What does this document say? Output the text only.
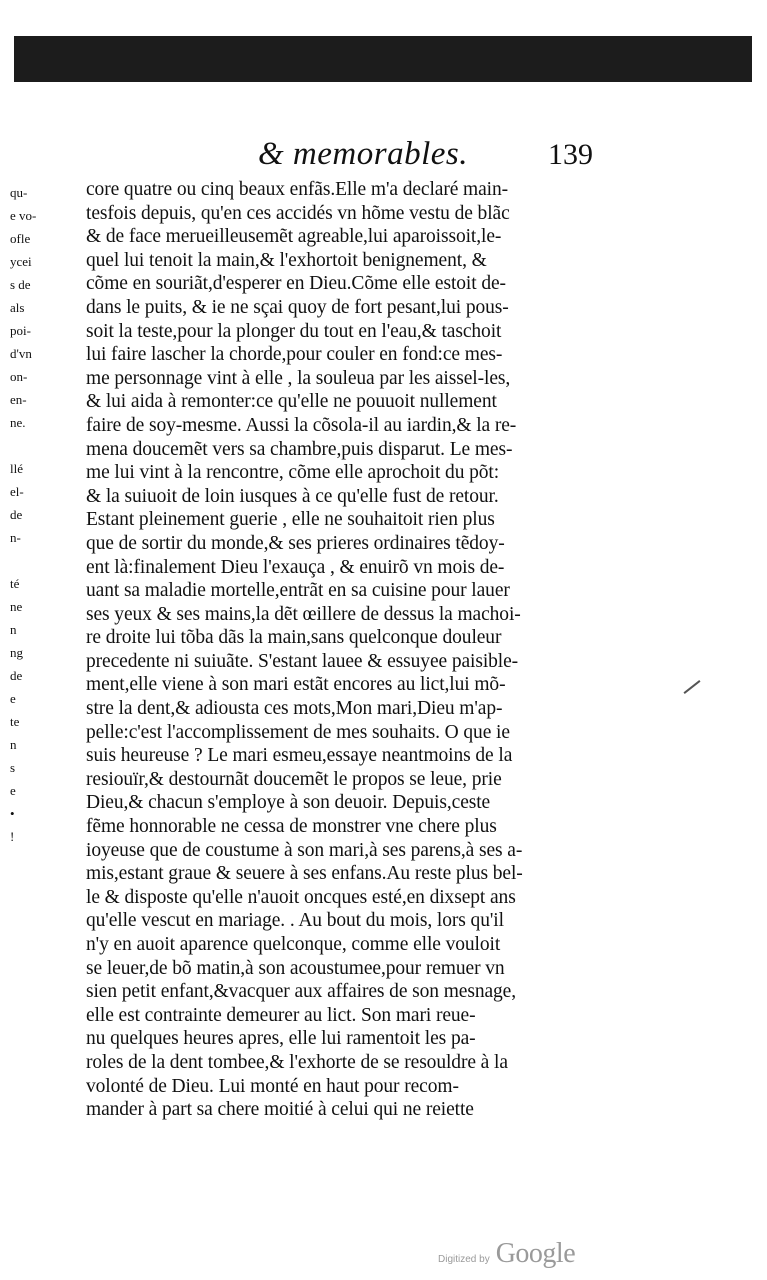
& memorables.	139
qu-
e vo-
ofle
ycei
s de
als
poi-
d'vn
on-
en-
ne.
llé
el-
de
n-
té
ne
n
ng
de
e
te
n
s
e
•
!
core quatre ou cinq beaux enfãs.Elle m'a declaré main-
tesfois depuis, qu'en ces accidés vn hõme vestu de blãc
& de face merueilleusemẽt agreable,lui aparoissoit,le-
quel lui tenoit la main,& l'exhortoit benignement, &
cõme en souriãt,d'esperer en Dieu.Cõme elle estoit de-
dans le puits, & ie ne sçai quoy de fort pesant,lui pous-
soit la teste,pour la plonger du tout en l'eau,& taschoit
lui faire lascher la chorde,pour couler en fond:ce mes-
me personnage vint à elle , la souleua par les aissel-les,
& lui aida à remonter:ce qu'elle ne pouuoit nullement
faire de soy-mesme. Aussi la cõsola-il au iardin,& la re-
mena doucemẽt vers sa chambre,puis disparut. Le mes-
me lui vint à la rencontre, cõme elle aprochoit du põt:
& la suiuoit de loin iusques à ce qu'elle fust de retour.
Estant pleinement guerie , elle ne souhaitoit rien plus
que de sortir du monde,& ses prieres ordinaires tẽdoy-
ent là:finalement Dieu l'exauça , & enuirõ vn mois de-
uant sa maladie mortelle,entrãt en sa cuisine pour lauer
ses yeux & ses mains,la dẽt œillere de dessus la machoi-
re droite lui tõba dãs la main,sans quelconque douleur
precedente ni suiuãte. S'estant lauee & essuyee paisible-
ment,elle viene à son mari estãt encores au lict,lui mõ-
stre la dent,& adiousta ces mots,Mon mari,Dieu m'ap-
pelle:c'est l'accomplissement de mes souhaits. O que ie
suis heureuse ? Le mari esmeu,essaye neantmoins de la
resiouïr,& destournãt doucemẽt le propos se leue, prie
Dieu,& chacun s'employe à son deuoir. Depuis,ceste
fẽme honnorable ne cessa de monstrer vne chere plus
ioyeuse que de coustume à son mari,à ses parens,à ses a-
mis,estant graue & seuere à ses enfans.Au reste plus bel-
le & disposte qu'elle n'auoit oncques esté,en dixsept ans
qu'elle vescut en mariage. . Au bout du mois, lors qu'il
n'y en auoit aparence quelconque, comme elle vouloit
se leuer,de bõ matin,à son acoustumee,pour remuer vn
sien petit enfant,&vacquer aux affaires de son mesnage,
elle est contrainte demeurer au lict. Son mari reue-
nu quelques heures apres, elle lui ramentoit les pa-
roles de la dent tombee,& l'exhorte de se resouldre à la
volonté de Dieu. Lui monté en haut pour recom-
mander à part sa chere moitié à celui qui ne reiette
Digitized by Google
